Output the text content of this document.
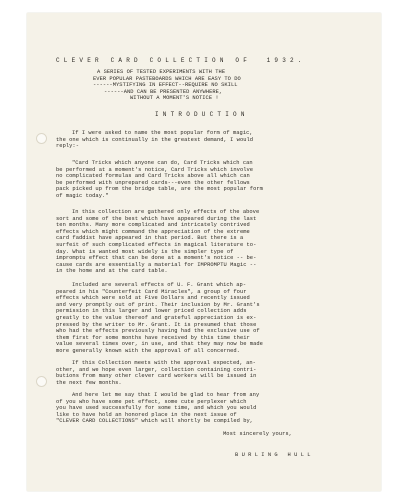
C L E V E R   C A R D   C O L L E C T I O N   O F     1 9 3 2 .
A SERIES OF TESTED EXPERIMENTS WITH THE
EVER POPULAR PASTEBOARDS WHICH ARE EASY TO DO
------MYSTIFYING IN EFFECT--REQUIRE NO SKILL
------AND CAN BE PRESENTED ANYWHERE,
WITHOUT A MOMENT'S NOTICE !
I N T R O D U C T I O N
If I were asked to name the most popular form of magic,
the one which is continually in the greatest demand, I would
reply:-
"Card Tricks which anyone can do, Card Tricks which can
be performed at a moment's notice, Card Tricks which involve
no complicated formulas and Card Tricks above all which can
be performed with unprepared cards---even the other fellows
pack picked up from the bridge table, are the most popular form
of magic today."
In this collection are gathered only effects of the above
sort and some of the best which have appeared during the last
ten months. Many more complicated and intricately contrived
effects which might command the appreciation of the extreme
card faddist have appeared in that period. But there is a
surfeit of such complicated effects in magical literature to-
day. What is wanted most widely is the simpler type of
impromptu effect that can be done at a moment's notice -- be-
cause cards are essentially a material for IMPROMPTU Magic --
in the home and at the card table.
Included are several effects of U. F. Grant which ap-
peared in his "Counterfeit Card Miracles", a group of four
effects which were sold at Five Dollars and recently issued
and very promptly out of print. Their inclusion by Mr. Grant's
permission in this larger and lower priced collection adds
greatly to the value thereof and grateful appreciation is ex-
pressed by the writer to Mr. Grant. It is presumed that those
who had the effects previously having had the exclusive use of
them first for some months have received by this time their
value several times over, in use, and that they may now be made
more generally known with the approval of all concerned.
If this Collection meets with the approval expected, an-
other, and we hope even larger, collection containing contri-
butions from many other clever card workers will be issued in
the next few months.
And here let me say that I would be glad to hear from any
of you who have some pet effect, some cute perplexer which
you have used successfully for some time, and which you would
like to have hold an honored place in the next issue of
"CLEVER CARD COLLECTIONS" which will shortly be compiled by,
Most sincerely yours,
B U R L I N G   H U L L
